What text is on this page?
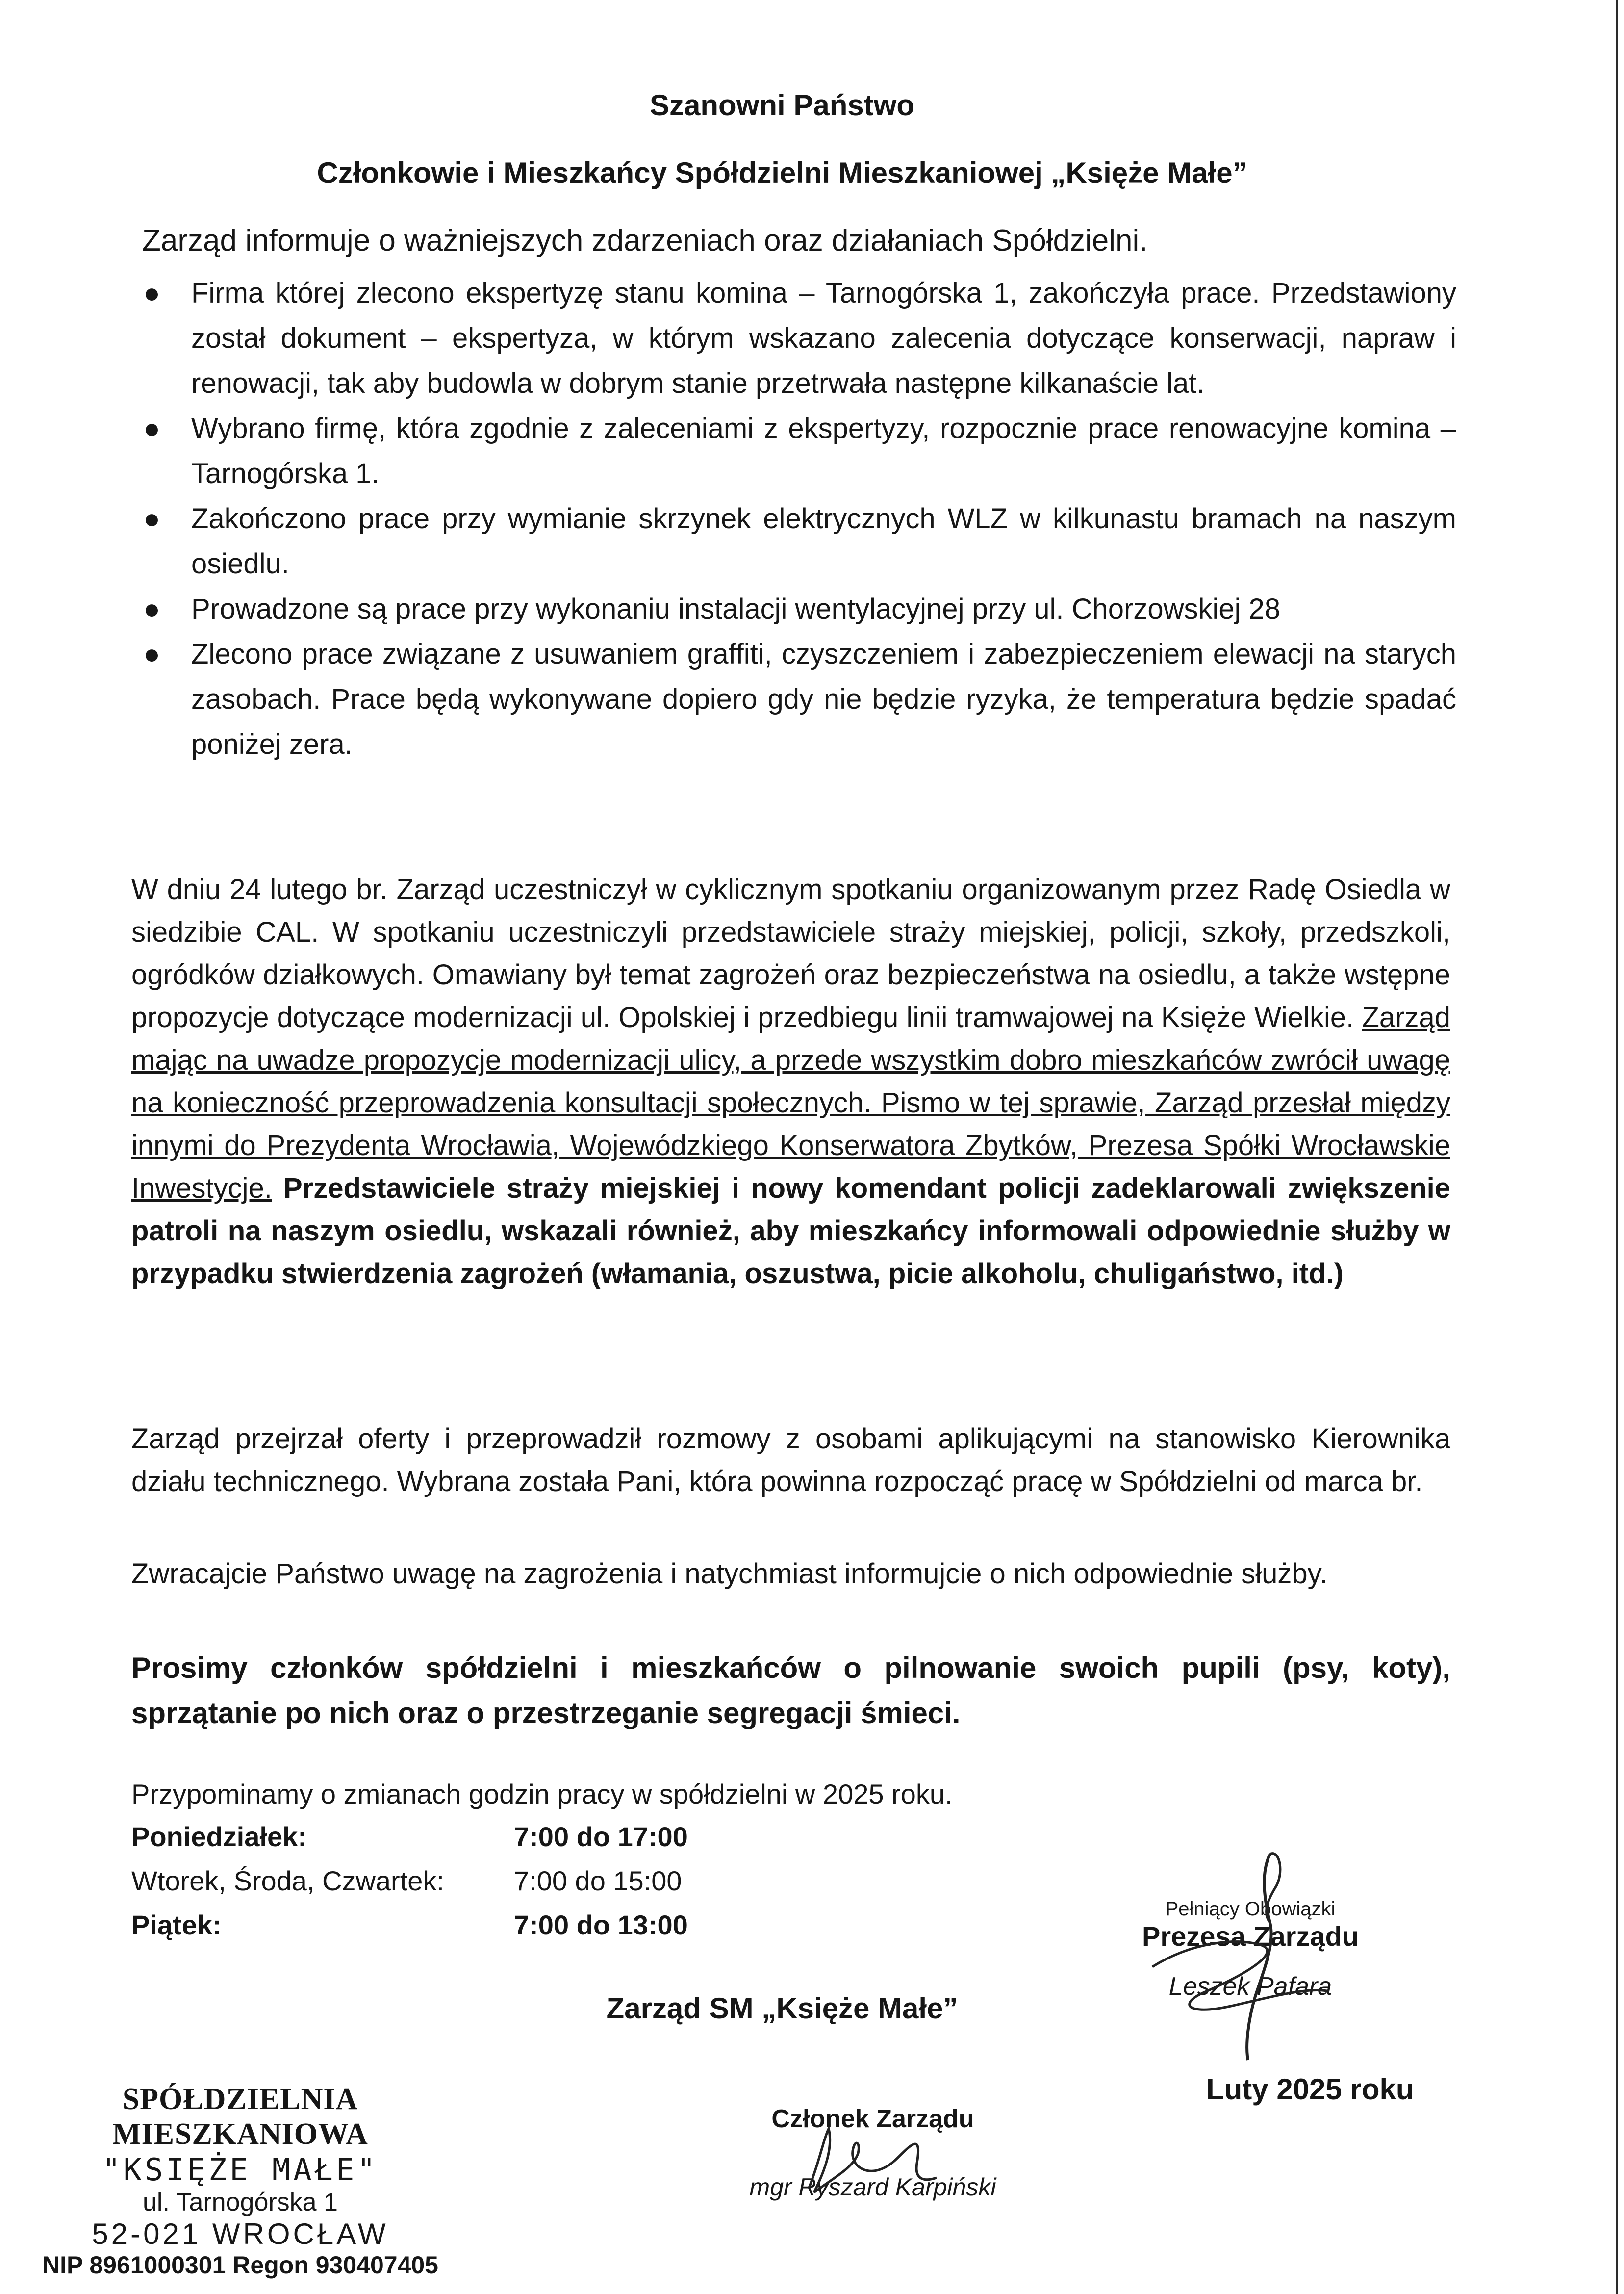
Szanowni Państwo
Członkowie i Mieszkańcy Spółdzielni Mieszkaniowej „Księże Małe”
Zarząd informuje o ważniejszych zdarzeniach oraz działaniach Spółdzielni.
● Firma której zlecono ekspertyzę stanu komina – Tarnogórska 1, zakończyła prace. Przedstawiony został dokument – ekspertyza, w którym wskazano zalecenia dotyczące konserwacji, napraw i renowacji, tak aby budowla w dobrym stanie przetrwała następne kilkanaście lat.
● Wybrano firmę, która zgodnie z zaleceniami z ekspertyzy, rozpocznie prace renowacyjne komina – Tarnogórska 1.
● Zakończono prace przy wymianie skrzynek elektrycznych WLZ w kilkunastu bramach na naszym osiedlu.
● Prowadzone są prace przy wykonaniu instalacji wentylacyjnej przy ul. Chorzowskiej 28
● Zlecono prace związane z usuwaniem graffiti, czyszczeniem i zabezpieczeniem elewacji na starych zasobach. Prace będą wykonywane dopiero gdy nie będzie ryzyka, że temperatura będzie spadać poniżej zera.
W dniu 24 lutego br. Zarząd uczestniczył w cyklicznym spotkaniu organizowanym przez Radę Osiedla w siedzibie CAL. W spotkaniu uczestniczyli przedstawiciele straży miejskiej, policji, szkoły, przedszkoli, ogródków działkowych. Omawiany był temat zagrożeń oraz bezpieczeństwa na osiedlu, a także wstępne propozycje dotyczące modernizacji ul. Opolskiej i przedbiegu linii tramwajowej na Księże Wielkie. Zarząd mając na uwadze propozycje modernizacji ulicy, a przede wszystkim dobro mieszkańców zwrócił uwagę na konieczność przeprowadzenia konsultacji społecznych. Pismo w tej sprawie, Zarząd przesłał między innymi do Prezydenta Wrocławia, Wojewódzkiego Konserwatora Zbytków, Prezesa Spółki Wrocławskie Inwestycje. Przedstawiciele straży miejskiej i nowy komendant policji zadeklarowali zwiększenie patroli na naszym osiedlu, wskazali również, aby mieszkańcy informowali odpowiednie służby w przypadku stwierdzenia zagrożeń (włamania, oszustwa, picie alkoholu, chuligaństwo, itd.)
Zarząd przejrzał oferty i przeprowadził rozmowy z osobami aplikującymi na stanowisko Kierownika działu technicznego. Wybrana została Pani, która powinna rozpocząć pracę w Spółdzielni od marca br.
Zwracajcie Państwo uwagę na zagrożenia i natychmiast informujcie o nich odpowiednie służby.
Prosimy członków spółdzielni i mieszkańców o pilnowanie swoich pupili (psy, koty), sprzątanie po nich oraz o przestrzeganie segregacji śmieci.
Przypominamy o zmianach godzin pracy w spółdzielni w 2025 roku.
Poniedziałek:	7:00 do 17:00
Wtorek, Środa, Czwartek:	7:00 do 15:00
Piątek:	7:00 do 13:00
Pełniący Obowiązki
Prezesa Zarządu
Leszek Pafara
Zarząd SM „Księże Małe”
Luty 2025 roku
SPÓŁDZIELNIA MIESZKANIOWA
"KSIĘŻE MAŁE"
ul. Tarnogórska 1
52-021 WROCŁAW
NIP 8961000301 Regon 930407405
Członek Zarządu
mgr Ryszard Karpiński
